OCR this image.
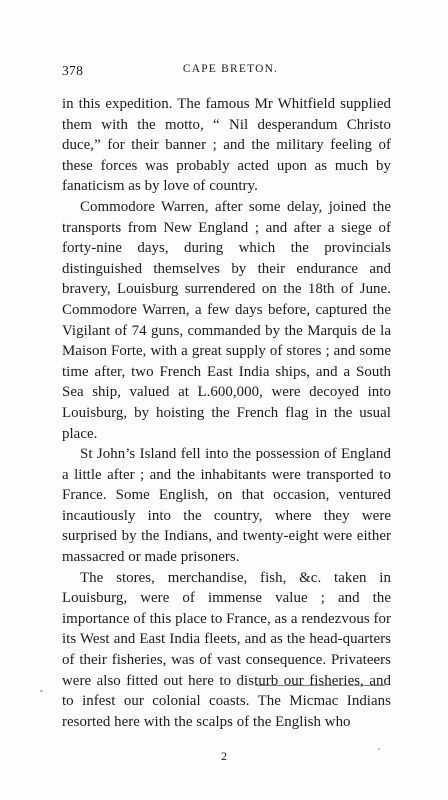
378	CAPE BRETON.

in this expedition. The famous Mr Whitfield supplied them with the motto, “ Nil desperandum Christo duce,” for their banner ; and the military feeling of these forces was probably acted upon as much by fanaticism as by love of country.

Commodore Warren, after some delay, joined the transports from New England ; and after a siege of forty-nine days, during which the provincials distinguished themselves by their endurance and bravery, Louisburg surrendered on the 18th of June. Commodore Warren, a few days before, captured the Vigilant of 74 guns, commanded by the Marquis de la Maison Forte, with a great supply of stores ; and some time after, two French East India ships, and a South Sea ship, valued at L.600,000, were decoyed into Louisburg, by hoisting the French flag in the usual place.

St John’s Island fell into the possession of England a little after ; and the inhabitants were transported to France. Some English, on that occasion, ventured incautiously into the country, where they were surprised by the Indians, and twenty-eight were either massacred or made prisoners.

The stores, merchandise, fish, &c. taken in Louisburg, were of immense value ; and the importance of this place to France, as a rendezvous for its West and East India fleets, and as the head-quarters of their fisheries, was of vast consequence. Privateers were also fitted out here to disturb our fisheries, and to infest our colonial coasts. The Micmac Indians resorted here with the scalps of the English who

2
